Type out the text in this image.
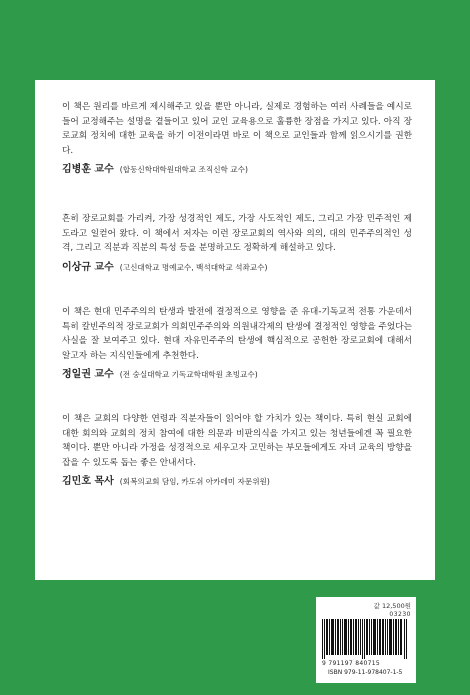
이 책은 원리를 바르게 제시해주고 있을 뿐만 아니라, 실제로 경험하는 여러 사례들을 예시로 들어 교정해주는 설명을 곁들이고 있어 교인 교육용으로 훌륭한 장점을 가지고 있다. 아직 장로교회 정치에 대한 교육을 하기 이전이라면 바로 이 책으로 교인들과 함께 읽으시기를 권한다.

김병훈 교수 (합동신학대학원대학교 조직신학 교수)

흔히 장로교회를 가리켜, 가장 성경적인 제도, 가장 사도적인 제도, 그리고 가장 민주적인 제도라고 일컫어 왔다. 이 책에서 저자는 이런 장로교회의 역사와 의의, 대의 민주주의적인 성격, 그리고 직분과 직분의 특성 등을 분명하고도 정확하게 해설하고 있다.

이상규 교수 (고신대학교 명예교수, 백석대학교 석좌교수)

이 책은 현대 민주주의의 탄생과 발전에 결정적으로 영향을 준 유대-기독교적 전통 가운데서 특히 칼빈주의적 장로교회가 의회민주주의와 의원내각제의 탄생에 결정적인 영향을 주었다는 사실을 잘 보여주고 있다. 현대 자유민주주의 탄생에 핵심적으로 공헌한 장로교회에 대해서 알고자 하는 지식인들에게 추천한다.

정일권 교수 (전 숭실대학교 기독교학대학원 초빙교수)

이 책은 교회의 다양한 연령과 직분자들이 읽어야 할 가치가 있는 책이다. 특히 현실 교회에 대한 회의와 교회의 정치 참여에 대한 의문과 비판의식을 가지고 있는 청년들에겐 꼭 필요한 책이다. 뿐만 아니라 가정을 성경적으로 세우고자 고민하는 부모들에게도 자녀 교육의 방향을 잡을 수 있도록 돕는 좋은 안내서다.

김민호 목사 (회복의교회 담임, 카도쉬 아카데미 자문위원)
값 12,500원
03230
9 791197 840715
ISBN 979-11-978407-1-5
